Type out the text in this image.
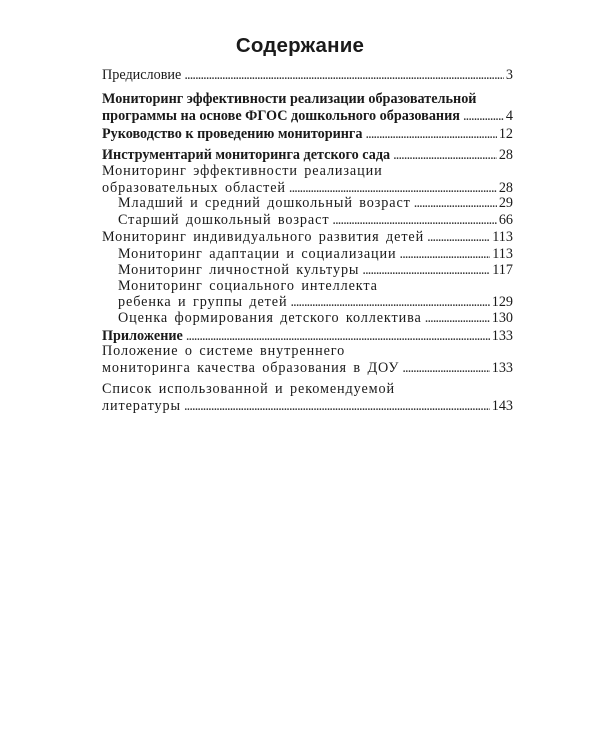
Содержание
Предисловие . . .	3
Мониторинг эффективности реализации образовательной
программы на основе ФГОС дошкольного образования . . .	4
Руководство к проведению мониторинга . . .	12
Инструментарий мониторинга детского сада . . .	28
Мониторинг эффективности реализации
образовательных областей . . .	28
Младший и средний дошкольный возраст . . .	29
Старший дошкольный возраст . . .	66
Мониторинг индивидуального развития детей . . .	113
Мониторинг адаптации и социализации . . .	113
Мониторинг личностной культуры . . .	117
Мониторинг социального интеллекта
ребенка и группы детей . . .	129
Оценка формирования детского коллектива . . .	130
Приложение . . .	133
Положение о системе внутреннего
мониторинга качества образования в ДОУ . . .	133
Список использованной и рекомендуемой
литературы . . .	143
